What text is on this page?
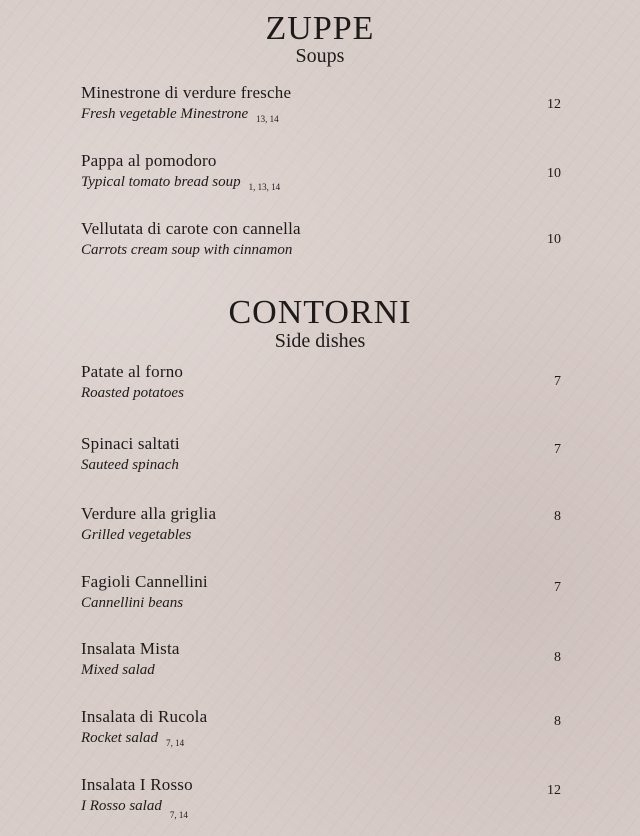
ZUPPE
Soups
Minestrone di verdure fresche
Fresh vegetable Minestrone $_{13, 14}$
12
Pappa al pomodoro
Typical tomato bread soup $_{1, 13, 14}$
10
Vellutata di carote con cannella
Carrots cream soup with cinnamon
10
CONTORNI
Side dishes
Patate al forno
Roasted potatoes
7
Spinaci saltati
Sauteed spinach
7
Verdure alla griglia
Grilled vegetables
8
Fagioli Cannellini
Cannellini beans
7
Insalata Mista
Mixed salad
8
Insalata di Rucola
Rocket salad $_{7, 14}$
8
Insalata I Rosso
I Rosso salad$_{7, 14}$
12
